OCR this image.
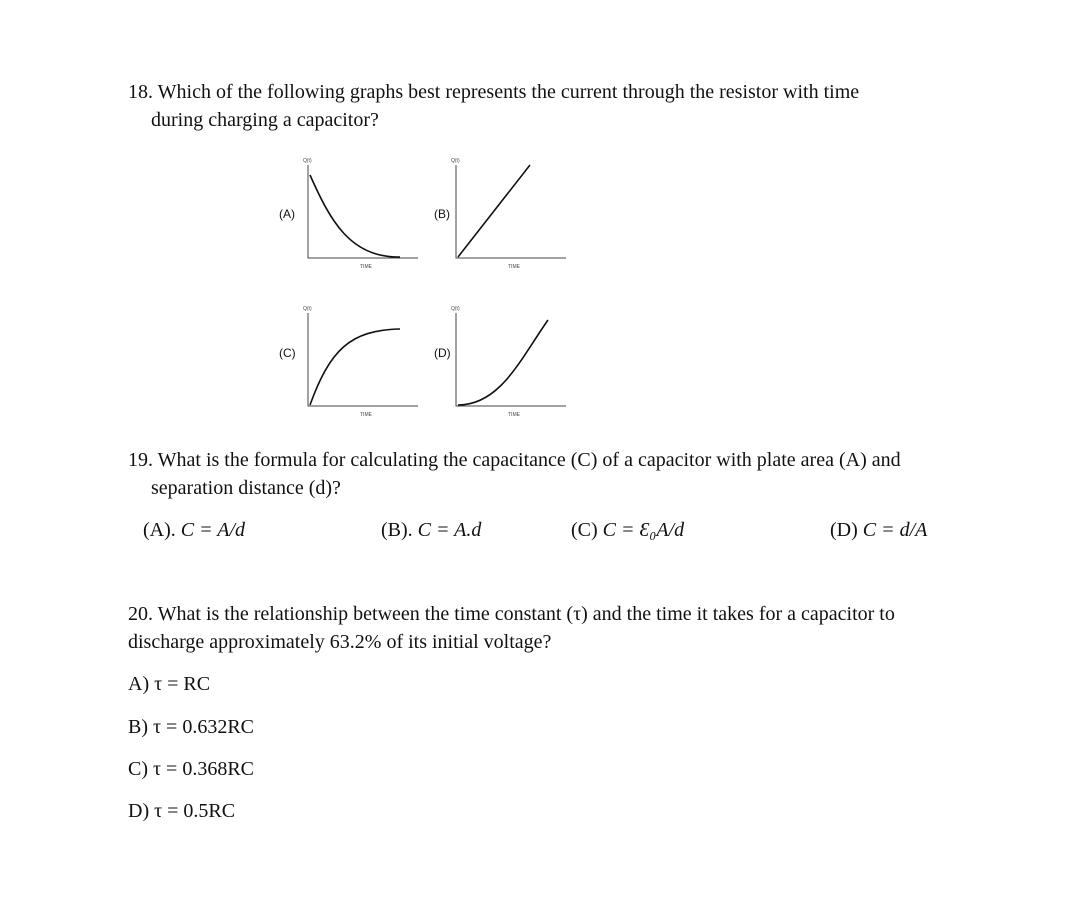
18. Which of the following graphs best represents the current through the resistor with time
during charging a capacitor?
(A)
Q(t)
TIME
(B)
Q(t)
TIME
(C)
Q(t)
TIME
(D)
Q(t)
TIME
19. What is the formula for calculating the capacitance (C) of a capacitor with plate area (A) and
separation distance (d)?
(A). C = A/d	(B). C = A.d	(C) C = Ɛ₀A/d	(D) C = d/A
20. What is the relationship between the time constant (τ) and the time it takes for a capacitor to
discharge approximately 63.2% of its initial voltage?
A) τ = RC
B) τ = 0.632RC
C) τ = 0.368RC
D) τ = 0.5RC
